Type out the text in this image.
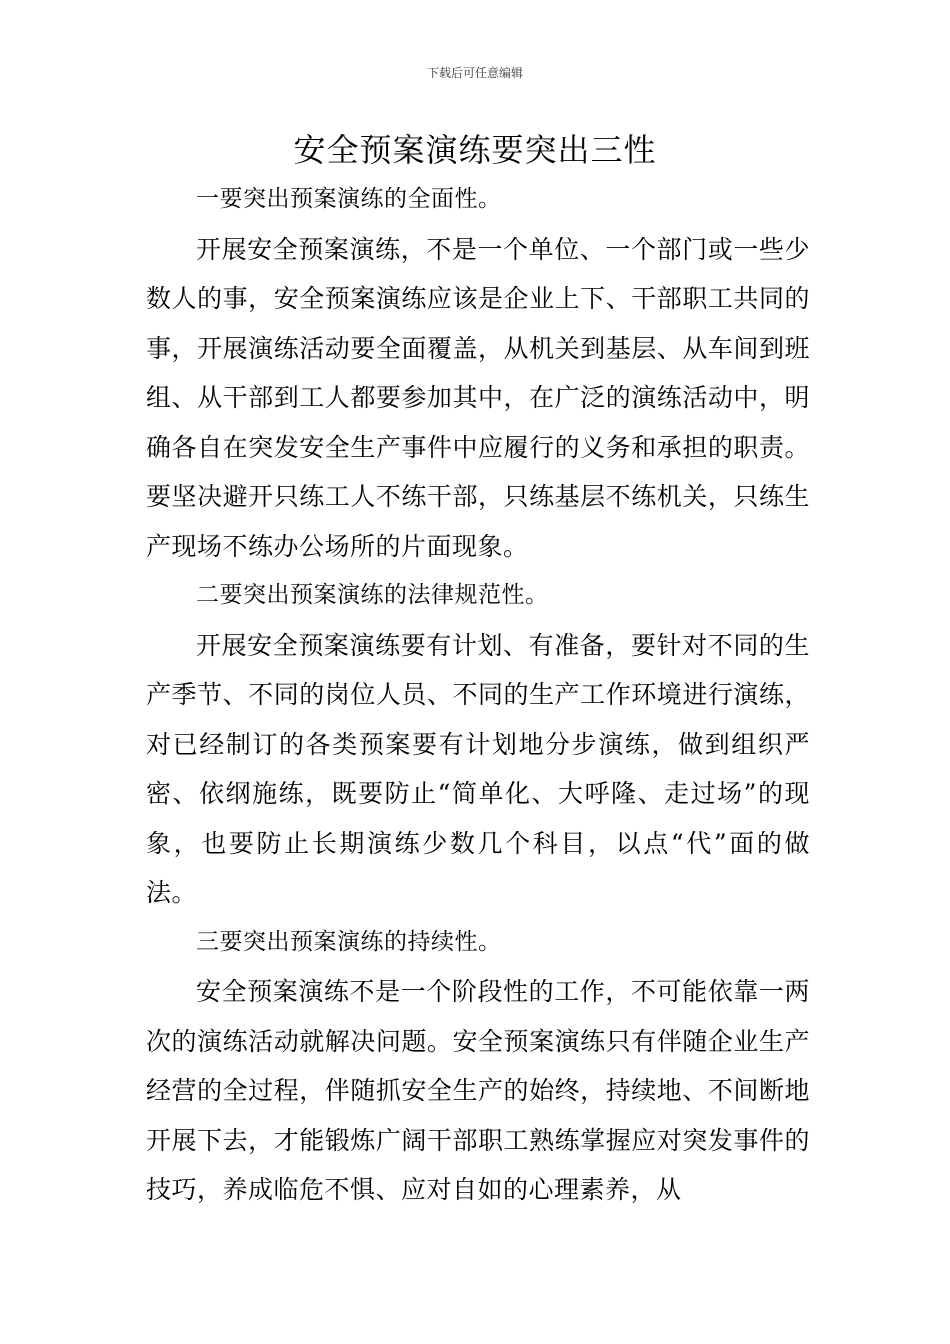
下载后可任意编辑
安全预案演练要突出三性

一要突出预案演练的全面性。

开展安全预案演练，不是一个单位、一个部门或一些少数人的事，安全预案演练应该是企业上下、干部职工共同的事，开展演练活动要全面覆盖，从机关到基层、从车间到班组、从干部到工人都要参加其中，在广泛的演练活动中，明确各自在突发安全生产事件中应履行的义务和承担的职责。要坚决避开只练工人不练干部，只练基层不练机关，只练生产现场不练办公场所的片面现象。

二要突出预案演练的法律规范性。

开展安全预案演练要有计划、有准备，要针对不同的生产季节、不同的岗位人员、不同的生产工作环境进行演练，对已经制订的各类预案要有计划地分步演练，做到组织严密、依纲施练，既要防止“简单化、大呼隆、走过场”的现象，也要防止长期演练少数几个科目，以点“代”面的做法。

三要突出预案演练的持续性。

安全预案演练不是一个阶段性的工作，不可能依靠一两次的演练活动就解决问题。安全预案演练只有伴随企业生产经营的全过程，伴随抓安全生产的始终，持续地、不间断地开展下去，才能锻炼广阔干部职工熟练掌握应对突发事件的技巧，养成临危不惧、应对自如的心理素养，从
